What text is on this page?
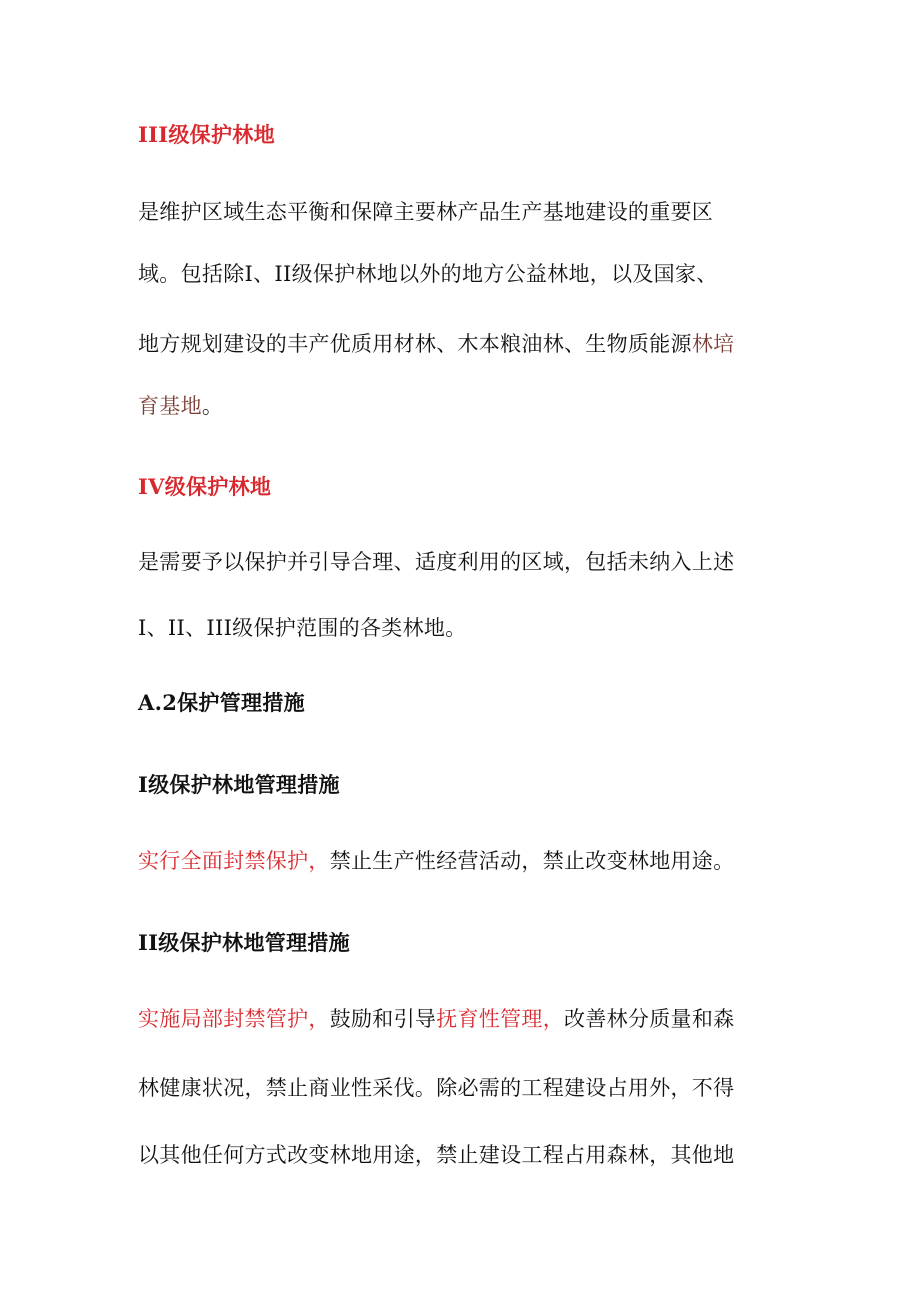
III级保护林地
是维护区域生态平衡和保障主要林产品生产基地建设的重要区
域。包括除I、II级保护林地以外的地方公益林地，以及国家、
地方规划建设的丰产优质用材林、木本粮油林、生物质能源林培
育基地。
IV级保护林地
是需要予以保护并引导合理、适度利用的区域，包括未纳入上述
I、II、III级保护范围的各类林地。
A.2保护管理措施
I级保护林地管理措施
实行全面封禁保护，禁止生产性经营活动，禁止改变林地用途。
II级保护林地管理措施
实施局部封禁管护，鼓励和引导抚育性管理，改善林分质量和森
林健康状况，禁止商业性采伐。除必需的工程建设占用外，不得
以其他任何方式改变林地用途，禁止建设工程占用森林，其他地
